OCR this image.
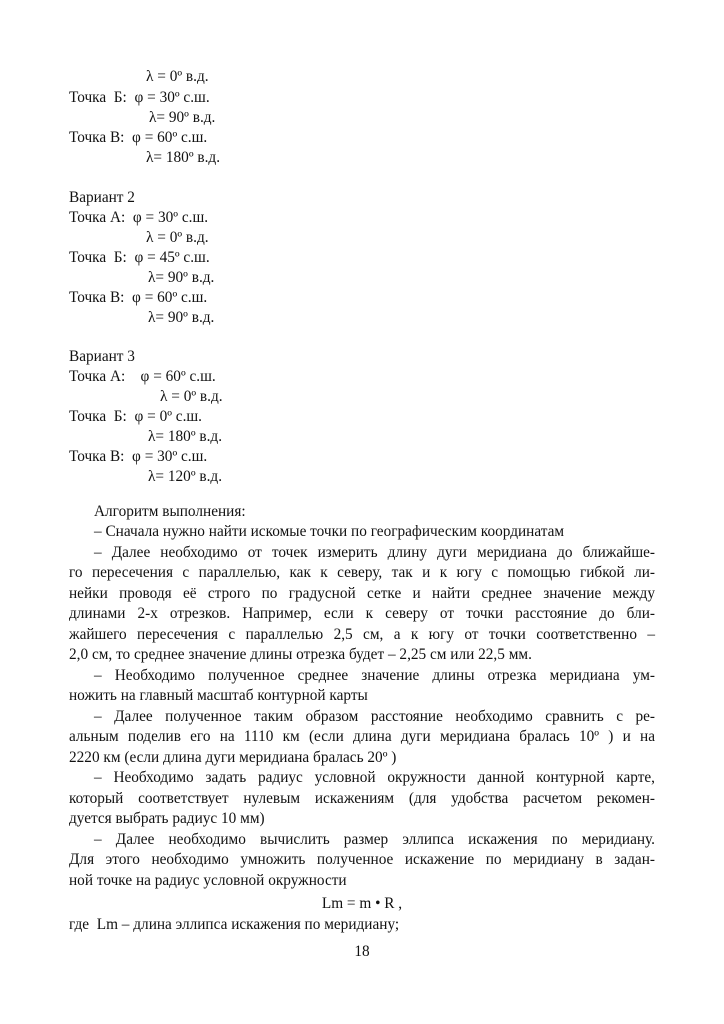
λ = 0º в.д.
Точка  Б:  φ = 30º с.ш.
λ= 90º в.д.
Точка В:  φ = 60º с.ш.
λ= 180º в.д.
Вариант 2
Точка А:  φ = 30º с.ш.
λ = 0º в.д.
Точка  Б:  φ = 45º с.ш.
λ= 90º в.д.
Точка В:  φ = 60º с.ш.
λ= 90º в.д.
Вариант 3
Точка А:    φ = 60º с.ш.
λ = 0º в.д.
Точка  Б:  φ = 0º с.ш.
λ= 180º в.д.
Точка В:  φ = 30º с.ш.
λ= 120º в.д.
Алгоритм выполнения:

– Сначала нужно найти искомые точки по географическим координатам

– Далее необходимо от точек измерить длину дуги меридиана до ближайше-

го пересечения с параллелью, как к северу, так и к югу с помощью гибкой ли-

нейки проводя её строго по градусной сетке и найти среднее значение между

длинами 2-х отрезков. Например, если к северу от точки расстояние до бли-

жайшего пересечения с параллелью 2,5 см, а к югу от точки соответственно –

2,0 см, то среднее значение длины отрезка будет – 2,25 см или 22,5 мм.

– Необходимо полученное среднее значение длины отрезка меридиана ум-

ножить на главный масштаб контурной карты

– Далее полученное таким образом расстояние необходимо сравнить с ре-

альным поделив его на 1110 км (если длина дуги меридиана бралась 10º ) и на

2220 км (если длина дуги меридиана бралась 20º )

– Необходимо задать радиус условной окружности данной контурной карте,

который соответствует нулевым искажениям (для удобства расчетом рекомен-

дуется выбрать радиус 10 мм)

– Далее необходимо вычислить размер эллипса искажения по меридиану.

Для этого необходимо умножить полученное искажение по меридиану в задан-

ной точке на радиус условной окружности

Lm = m • R ,
где  Lm – длина эллипса искажения по меридиану;
18
